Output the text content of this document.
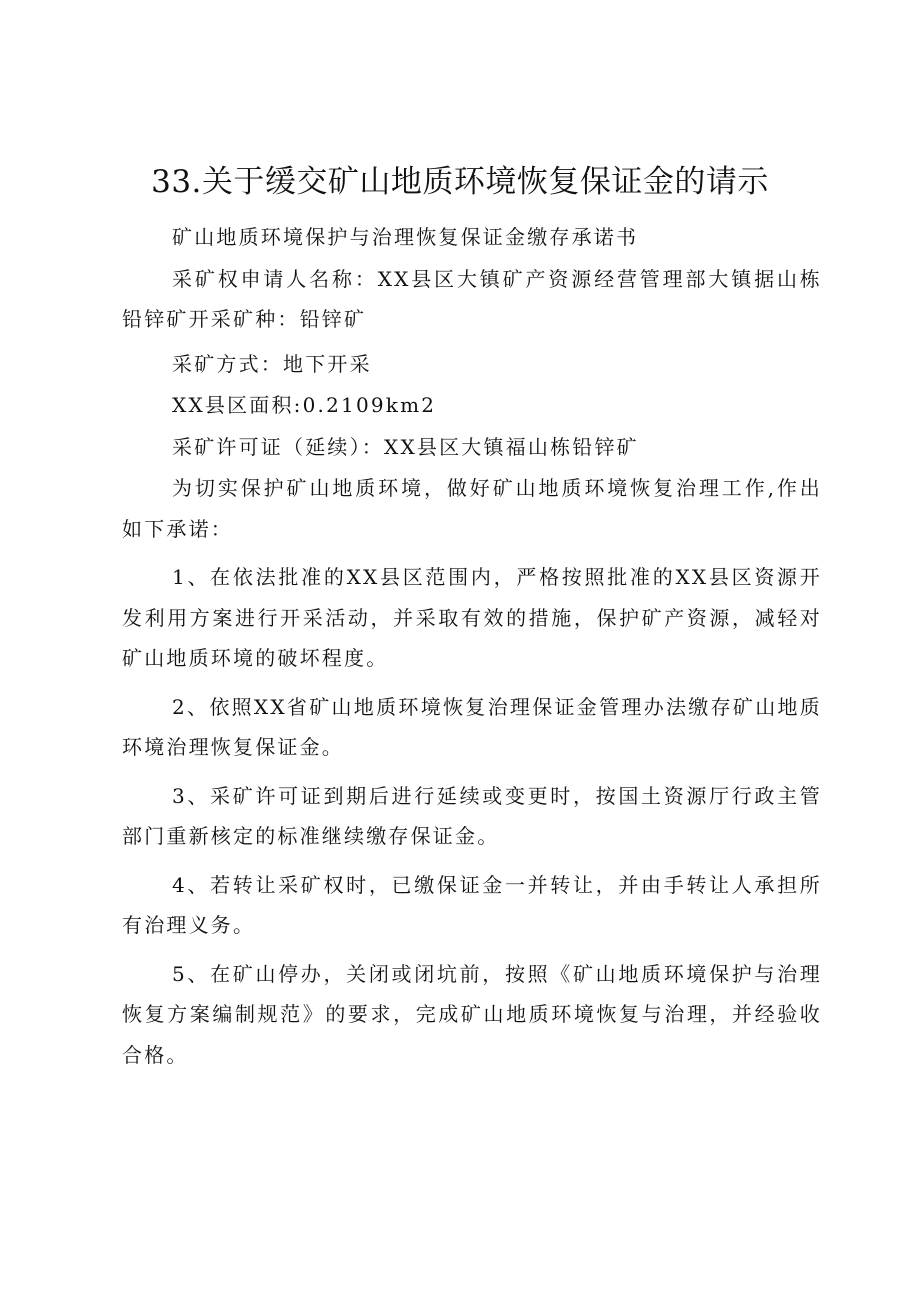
33.关于缓交矿山地质环境恢复保证金的请示

矿山地质环境保护与治理恢复保证金缴存承诺书

采矿权申请人名称：XX县区大镇矿产资源经营管理部大镇据山栋铅锌矿开采矿种：铅锌矿

采矿方式：地下开采

XX县区面积:0.2109km2

采矿许可证（延续）：XX县区大镇福山栋铅锌矿

为切实保护矿山地质环境，做好矿山地质环境恢复治理工作,作出如下承诺：

1、在依法批准的XX县区范围内，严格按照批准的XX县区资源开发利用方案进行开采活动，并采取有效的措施，保护矿产资源，减轻对矿山地质环境的破坏程度。

2、依照XX省矿山地质环境恢复治理保证金管理办法缴存矿山地质环境治理恢复保证金。

3、采矿许可证到期后进行延续或变更时，按国土资源厅行政主管部门重新核定的标准继续缴存保证金。

4、若转让采矿权时，已缴保证金一并转让，并由手转让人承担所有治理义务。

5、在矿山停办，关闭或闭坑前，按照《矿山地质环境保护与治理恢复方案编制规范》的要求，完成矿山地质环境恢复与治理，并经验收合格。
